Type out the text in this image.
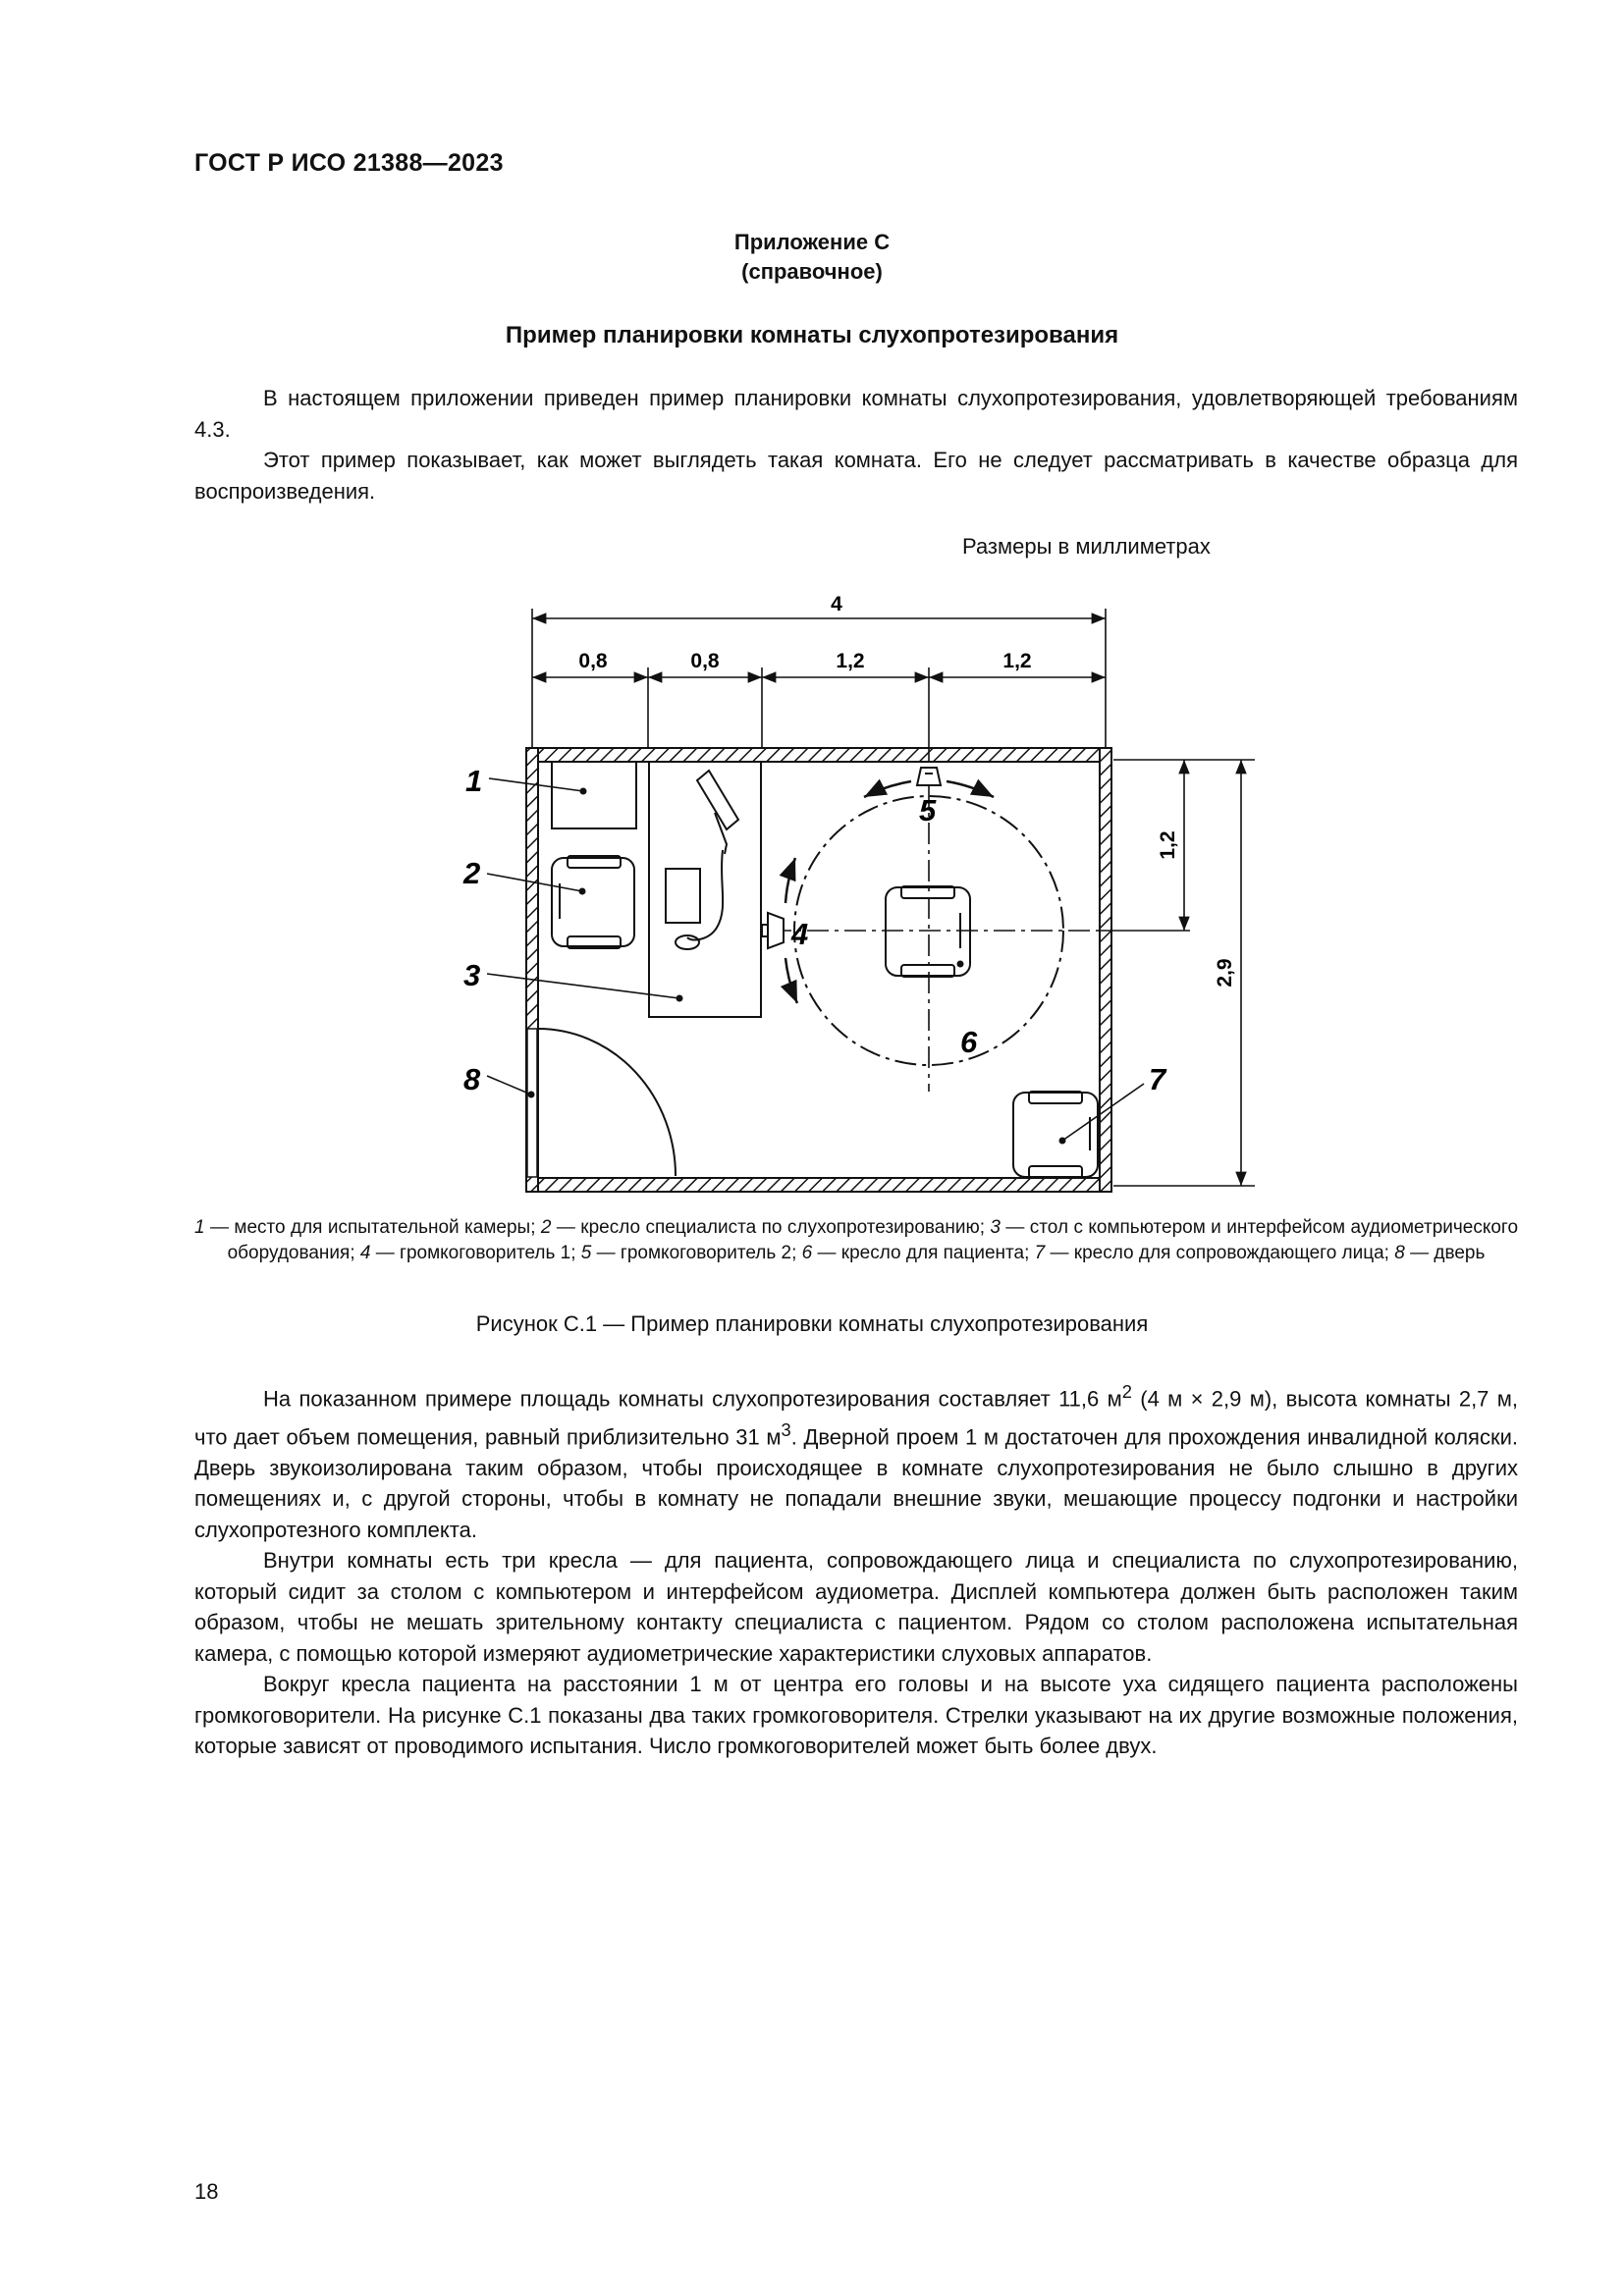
ГОСТ Р ИСО 21388—2023
Приложение С
(справочное)
Пример планировки комнаты слухопротезирования

В настоящем приложении приведен пример планировки комнаты слухопротезирования, удовлетворяющей требованиям 4.3.

Этот пример показывает, как может выглядеть такая комната. Его не следует рассматривать в качестве образца для воспроизведения.

Размеры в миллиметрах
4
0,8	0,8	1,2	1,2
1,2
2,9
1
2
3
4
5
6
7
8
1 — место для испытательной камеры; 2 — кресло специалиста по слухопротезированию; 3 — стол с компьютером и интерфейсом аудиометрического оборудования; 4 — громкоговоритель 1; 5 — громкоговоритель 2; 6 — кресло для пациента; 7 — кресло для сопровождающего лица; 8 — дверь
Рисунок С.1 — Пример планировки комнаты слухопротезирования

На показанном примере площадь комнаты слухопротезирования составляет 11,6 $м^2$ (4 м × 2,9 м), высота комнаты 2,7 м, что дает объем помещения, равный приблизительно 31 $м^3$. Дверной проем 1 м достаточен для прохождения инвалидной коляски. Дверь звукоизолирована таким образом, чтобы происходящее в комнате слухопротезирования не было слышно в других помещениях и, с другой стороны, чтобы в комнату не попадали внешние звуки, мешающие процессу подгонки и настройки слухопротезного комплекта.

Внутри комнаты есть три кресла — для пациента, сопровождающего лица и специалиста по слухопротезированию, который сидит за столом с компьютером и интерфейсом аудиометра. Дисплей компьютера должен быть расположен таким образом, чтобы не мешать зрительному контакту специалиста с пациентом. Рядом со столом расположена испытательная камера, с помощью которой измеряют аудиометрические характеристики слуховых аппаратов.

Вокруг кресла пациента на расстоянии 1 м от центра его головы и на высоте уха сидящего пациента расположены громкоговорители. На рисунке С.1 показаны два таких громкоговорителя. Стрелки указывают на их другие возможные положения, которые зависят от проводимого испытания. Число громкоговорителей может быть более двух.

18
